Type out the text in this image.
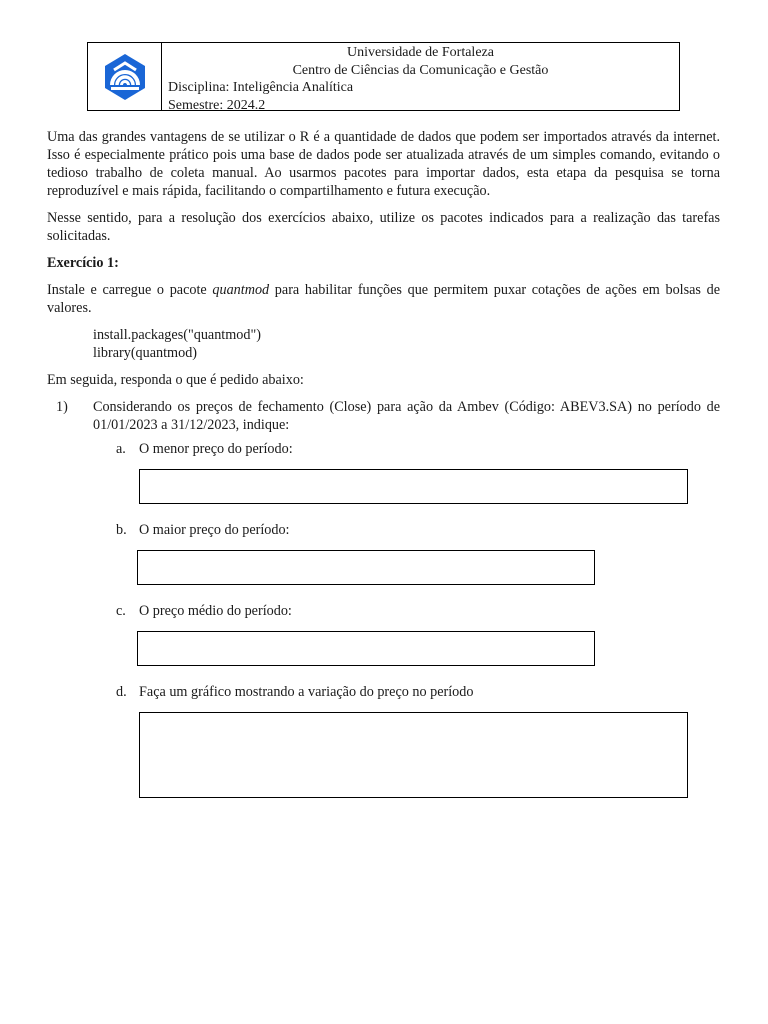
Universidade de Fortaleza
Centro de Ciências da Comunicação e Gestão
Disciplina: Inteligência Analítica
Semestre: 2024.2

Uma das grandes vantagens de se utilizar o R é a quantidade de dados que podem ser importados através da internet. Isso é especialmente prático pois uma base de dados pode ser atualizada através de um simples comando, evitando o tedioso trabalho de coleta manual. Ao usarmos pacotes para importar dados, esta etapa da pesquisa se torna reproduzível e mais rápida, facilitando o compartilhamento e futura execução.

Nesse sentido, para a resolução dos exercícios abaixo, utilize os pacotes indicados para a realização das tarefas solicitadas.

Exercício 1:

Instale e carregue o pacote quantmod para habilitar funções que permitem puxar cotações de ações em bolsas de valores.

install.packages("quantmod")
library(quantmod)

Em seguida, responda o que é pedido abaixo:

1)	Considerando os preços de fechamento (Close) para ação da Ambev (Código: ABEV3.SA) no período de 01/01/2023 a 31/12/2023, indique:
a. O menor preço do período:
b. O maior preço do período:
c. O preço médio do período:
d. Faça um gráfico mostrando a variação do preço no período
